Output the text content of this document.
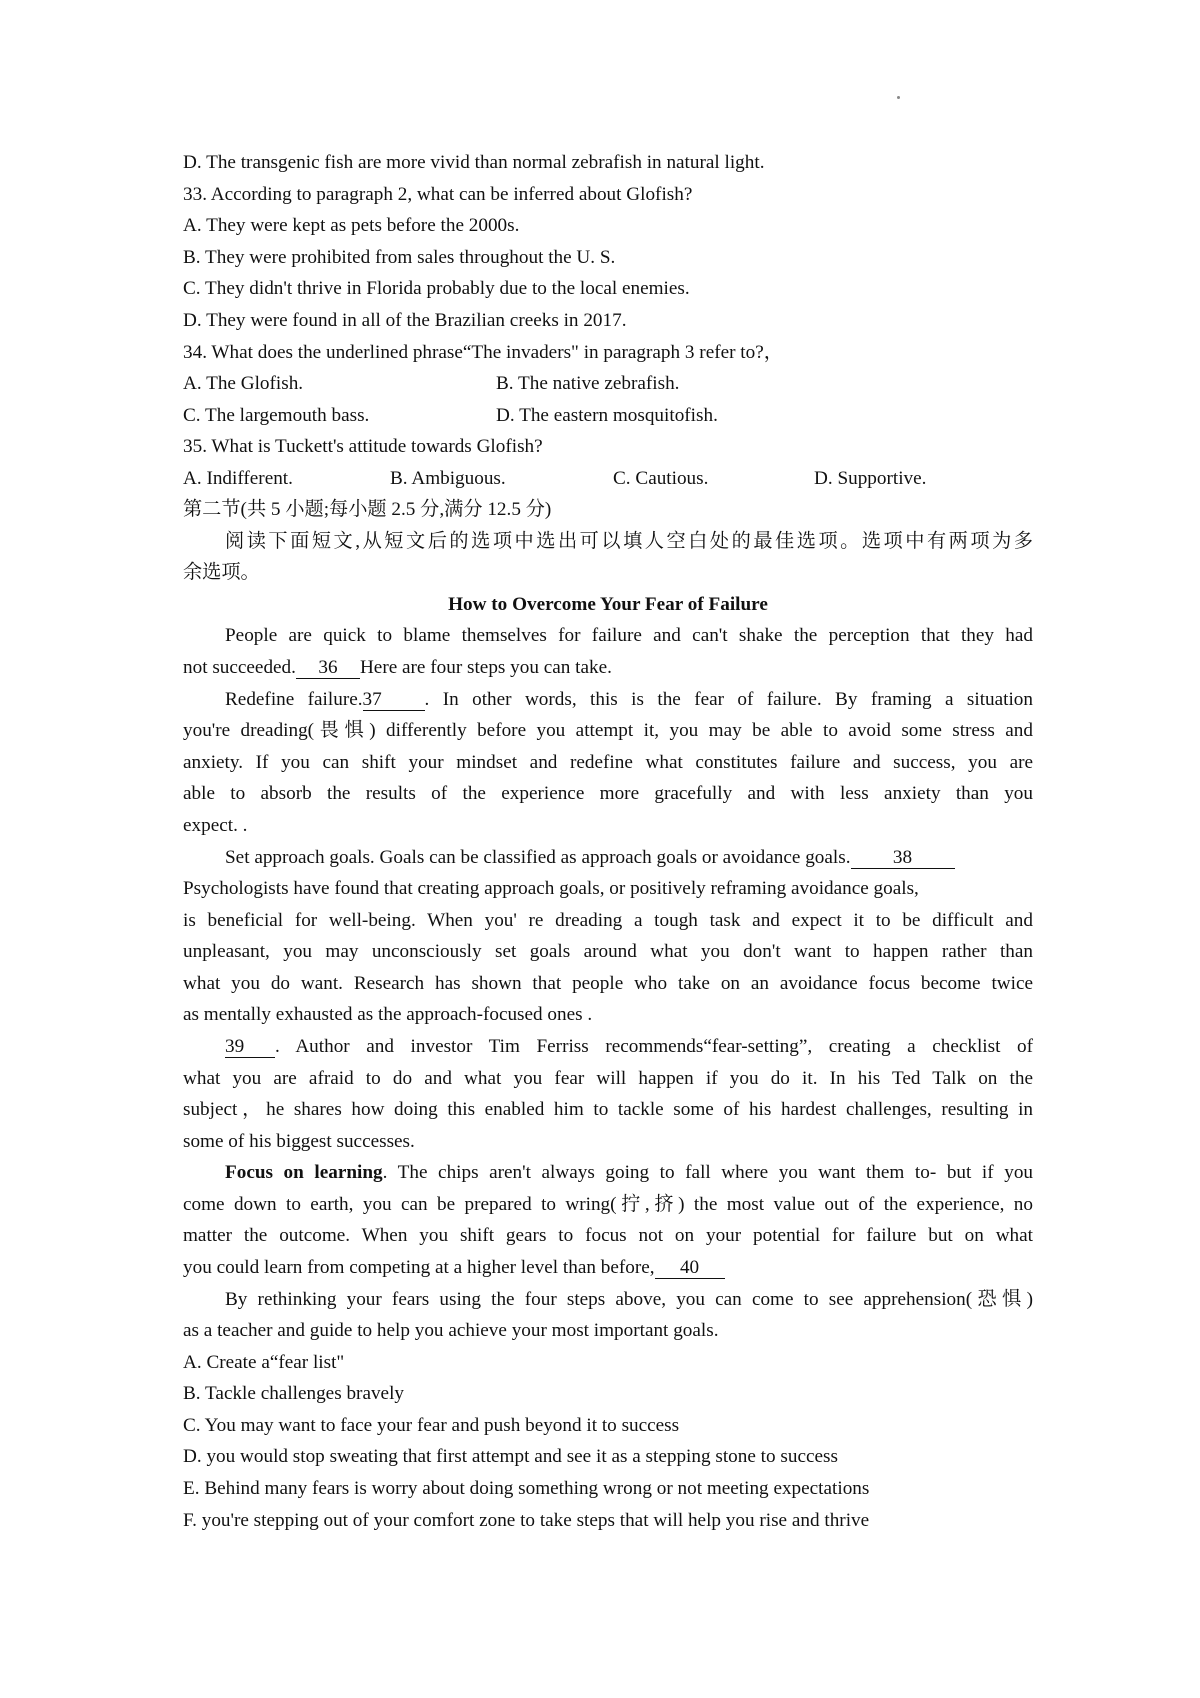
D. The transgenic fish are more vivid than normal zebrafish in natural light.
33. According to paragraph 2, what can be inferred about Glofish?
A. They were kept as pets before the 2000s.
B. They were prohibited from sales throughout the U. S.
C. They didn't thrive in Florida probably due to the local enemies.
D. They were found in all of the Brazilian creeks in 2017.
34. What does the underlined phrase“The invaders" in paragraph 3 refer to?，
A. The Glofish.	B. The native zebrafish.
C. The largemouth bass.	D. The eastern mosquitofish.
35. What is Tuckett's attitude towards Glofish?
A. Indifferent.	B. Ambiguous.	C. Cautious.	D. Supportive.
第二节(共 5 小题;每小题 2.5 分,满分 12.5 分)
阅读下面短文,从短文后的选项中选出可以填人空白处的最佳选项。选项中有两项为多
余选项。
How to Overcome Your Fear of Failure
People are quick to blame themselves for failure and can't shake the perception that they had
not succeeded. 36 Here are four steps you can take.
Redefine failure.37 . In other words, this is the fear of failure. By framing a situation
you're dreading(畏惧) differently before you attempt it, you may be able to avoid some stress and
anxiety. If you can shift your mindset and redefine what constitutes failure and success, you are
able to absorb the results of the experience more gracefully and with less anxiety than you
expect. .
Set approach goals. Goals can be classified as approach goals or avoidance goals. 38
Psychologists have found that creating approach goals, or positively reframing avoidance goals,
is beneficial for well-being. When you' re dreading a tough task and expect it to be difficult and
unpleasant, you may unconsciously set goals around what you don't want to happen rather than
what you do want. Research has shown that people who take on an avoidance focus become twice
as mentally exhausted as the approach-focused ones .
39 . Author and investor Tim Ferriss recommends“fear-setting”, creating a checklist of
what you are afraid to do and what you fear will happen if you do it. In his Ted Talk on the
subject，he shares how doing this enabled him to tackle some of his hardest challenges, resulting in
some of his biggest successes.
Focus on learning. The chips aren't always going to fall where you want them to- but if you
come down to earth, you can be prepared to wring(拧,挤) the most value out of the experience, no
matter the outcome. When you shift gears to focus not on your potential for failure but on what
you could learn from competing at a higher level than before, 40
By rethinking your fears using the four steps above, you can come to see apprehension(恐惧)
as a teacher and guide to help you achieve your most important goals.
A. Create a“fear list"
B. Tackle challenges bravely
C. You may want to face your fear and push beyond it to success
D. you would stop sweating that first attempt and see it as a stepping stone to success
E. Behind many fears is worry about doing something wrong or not meeting expectations
F. you're stepping out of your comfort zone to take steps that will help you rise and thrive
